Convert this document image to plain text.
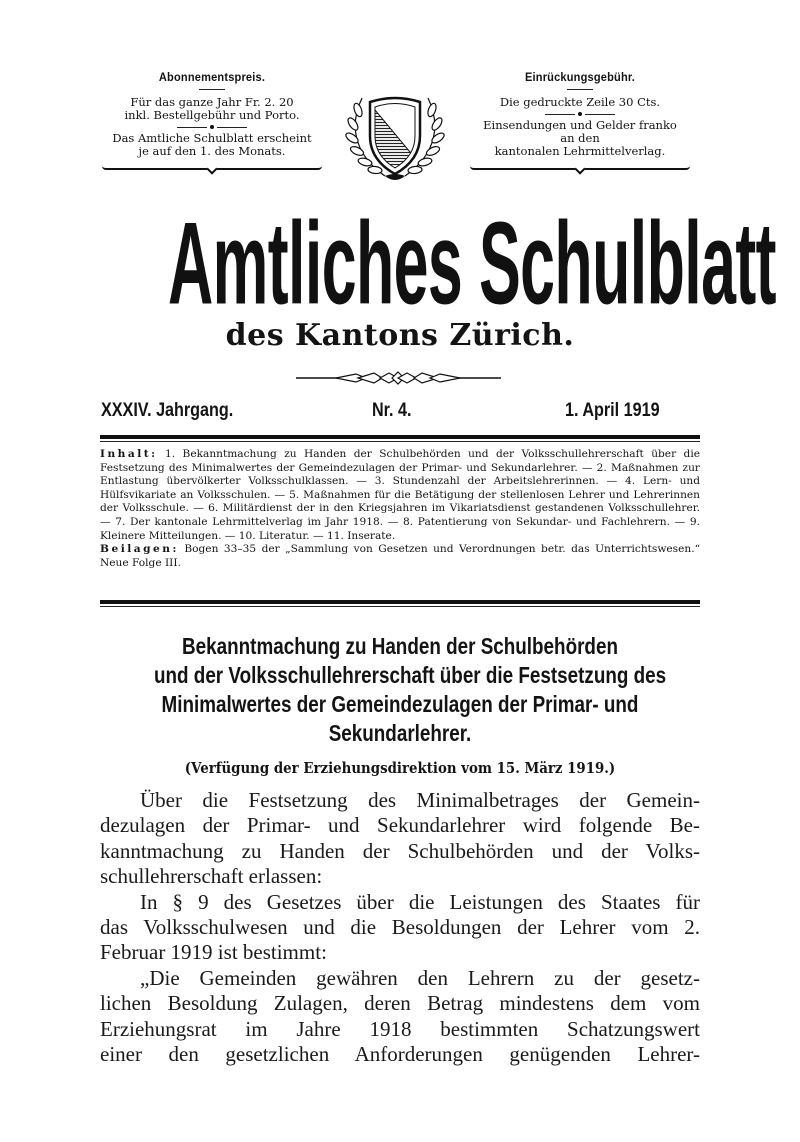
Abonnementspreis.
Für das ganze Jahr Fr. 2. 20
inkl. Bestellgebühr und Porto.
Das Amtliche Schulblatt erscheint
je auf den 1. des Monats.
Einrückungsgebühr.
Die gedruckte Zeile 30 Cts.
Einsendungen und Gelder franko
an den
kantonalen Lehrmittelverlag.
Amtliches Schulblatt
des Kantons Zürich.
XXXIV. Jahrgang.	Nr. 4.	1. April 1919
Inhalt: 1. Bekanntmachung zu Handen der Schulbehörden und der Volksschullehrerschaft über die Festsetzung des Minimalwertes der Gemeindezulagen der Primar- und Sekundarlehrer. — 2. Maßnahmen zur Entlastung übervölkerter Volksschulklassen. — 3. Stundenzahl der Arbeitslehrerinnen. — 4. Lern- und Hülfsvikariate an Volksschulen. — 5. Maßnahmen für die Betätigung der stellenlosen Lehrer und Lehrerinnen der Volksschule. — 6. Militärdienst der in den Kriegsjahren im Vikariatsdienst gestandenen Volksschullehrer. — 7. Der kantonale Lehrmittelverlag im Jahr 1918. — 8. Patentierung von Sekundar- und Fachlehrern. — 9. Kleinere Mitteilungen. — 10. Literatur. — 11. Inserate.
Beilagen: Bogen 33–35 der „Sammlung von Gesetzen und Verordnungen betr. das Unterrichtswesen.“ Neue Folge III.
Bekanntmachung zu Handen der Schulbehörden
und der Volksschullehrerschaft über die Festsetzung des
Minimalwertes der Gemeindezulagen der Primar- und
Sekundarlehrer.
(Verfügung der Erziehungsdirektion vom 15. März 1919.)

Über die Festsetzung des Minimalbetrages der Gemein-
dezulagen der Primar- und Sekundarlehrer wird folgende Be-
kanntmachung zu Handen der Schulbehörden und der Volks-
schullehrerschaft erlassen:

In § 9 des Gesetzes über die Leistungen des Staates für
das Volksschulwesen und die Besoldungen der Lehrer vom 2.
Februar 1919 ist bestimmt:

„Die Gemeinden gewähren den Lehrern zu der gesetz-
lichen Besoldung Zulagen, deren Betrag mindestens dem vom
Erziehungsrat im Jahre 1918 bestimmten Schatzungswert
einer den gesetzlichen Anforderungen genügenden Lehrer-
